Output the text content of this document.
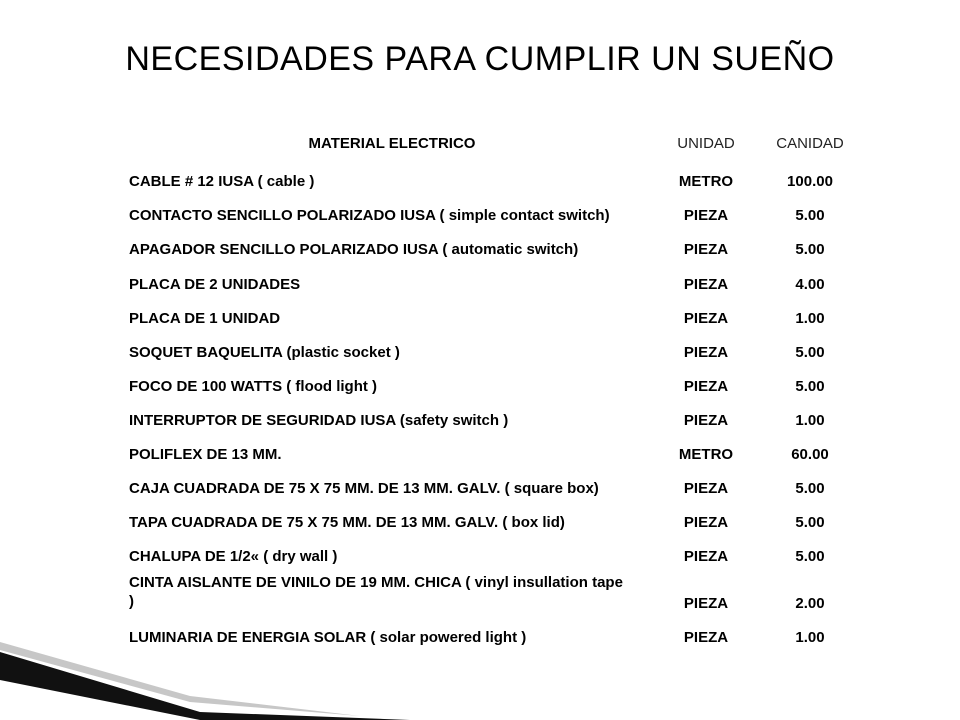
NECESIDADES PARA CUMPLIR UN SUEÑO
MATERIAL ELECTRICO	UNIDAD	CANIDAD
CABLE # 12 IUSA ( cable )	METRO	100.00
CONTACTO SENCILLO POLARIZADO IUSA ( simple contact switch)	PIEZA	5.00
APAGADOR SENCILLO POLARIZADO IUSA ( automatic switch)	PIEZA	5.00
PLACA DE 2 UNIDADES	PIEZA	4.00
PLACA DE 1 UNIDAD	PIEZA	1.00
SOQUET BAQUELITA (plastic socket )	PIEZA	5.00
FOCO DE 100 WATTS ( flood light )	PIEZA	5.00
INTERRUPTOR DE SEGURIDAD IUSA (safety switch )	PIEZA	1.00
POLIFLEX DE 13 MM.	METRO	60.00
CAJA CUADRADA DE 75 X 75 MM. DE 13 MM. GALV. ( square box)	PIEZA	5.00
TAPA CUADRADA DE 75 X 75 MM. DE 13 MM. GALV. ( box lid)	PIEZA	5.00
CHALUPA DE 1/2« ( dry wall )	PIEZA	5.00
CINTA AISLANTE DE VINILO DE 19 MM. CHICA ( vinyl insullation tape )	PIEZA	2.00
LUMINARIA DE ENERGIA SOLAR ( solar powered light )	PIEZA	1.00
